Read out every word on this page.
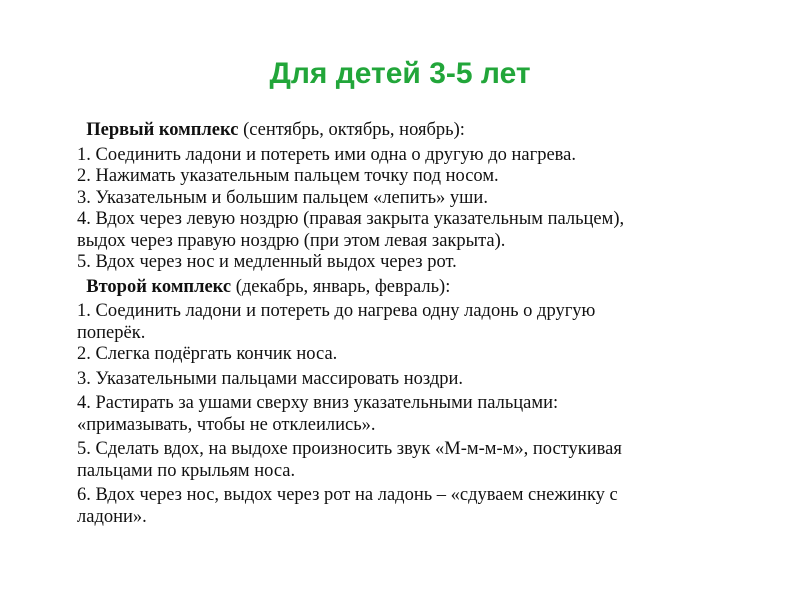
Для детей 3-5 лет
Первый комплекс (сентябрь, октябрь, ноябрь):
1. Соединить ладони и потереть ими одна о другую до нагрева.
2. Нажимать указательным пальцем точку под носом.
3. Указательным и большим пальцем «лепить» уши.
4. Вдох через левую ноздрю (правая закрыта указательным пальцем),
выдох через правую ноздрю (при этом левая закрыта).
5. Вдох через нос и медленный выдох через рот.
Второй комплекс (декабрь, январь, февраль):
1. Соединить ладони и потереть до нагрева одну ладонь о другую
поперёк.
2. Слегка подёргать кончик носа.
3. Указательными пальцами массировать ноздри.
4. Растирать за ушами сверху вниз указательными пальцами:
«примазывать, чтобы не отклеились».
5. Сделать вдох, на выдохе произносить звук «М-м-м-м», постукивая
пальцами по крыльям носа.
6. Вдох через нос, выдох через рот на ладонь – «сдуваем снежинку с
ладони».
